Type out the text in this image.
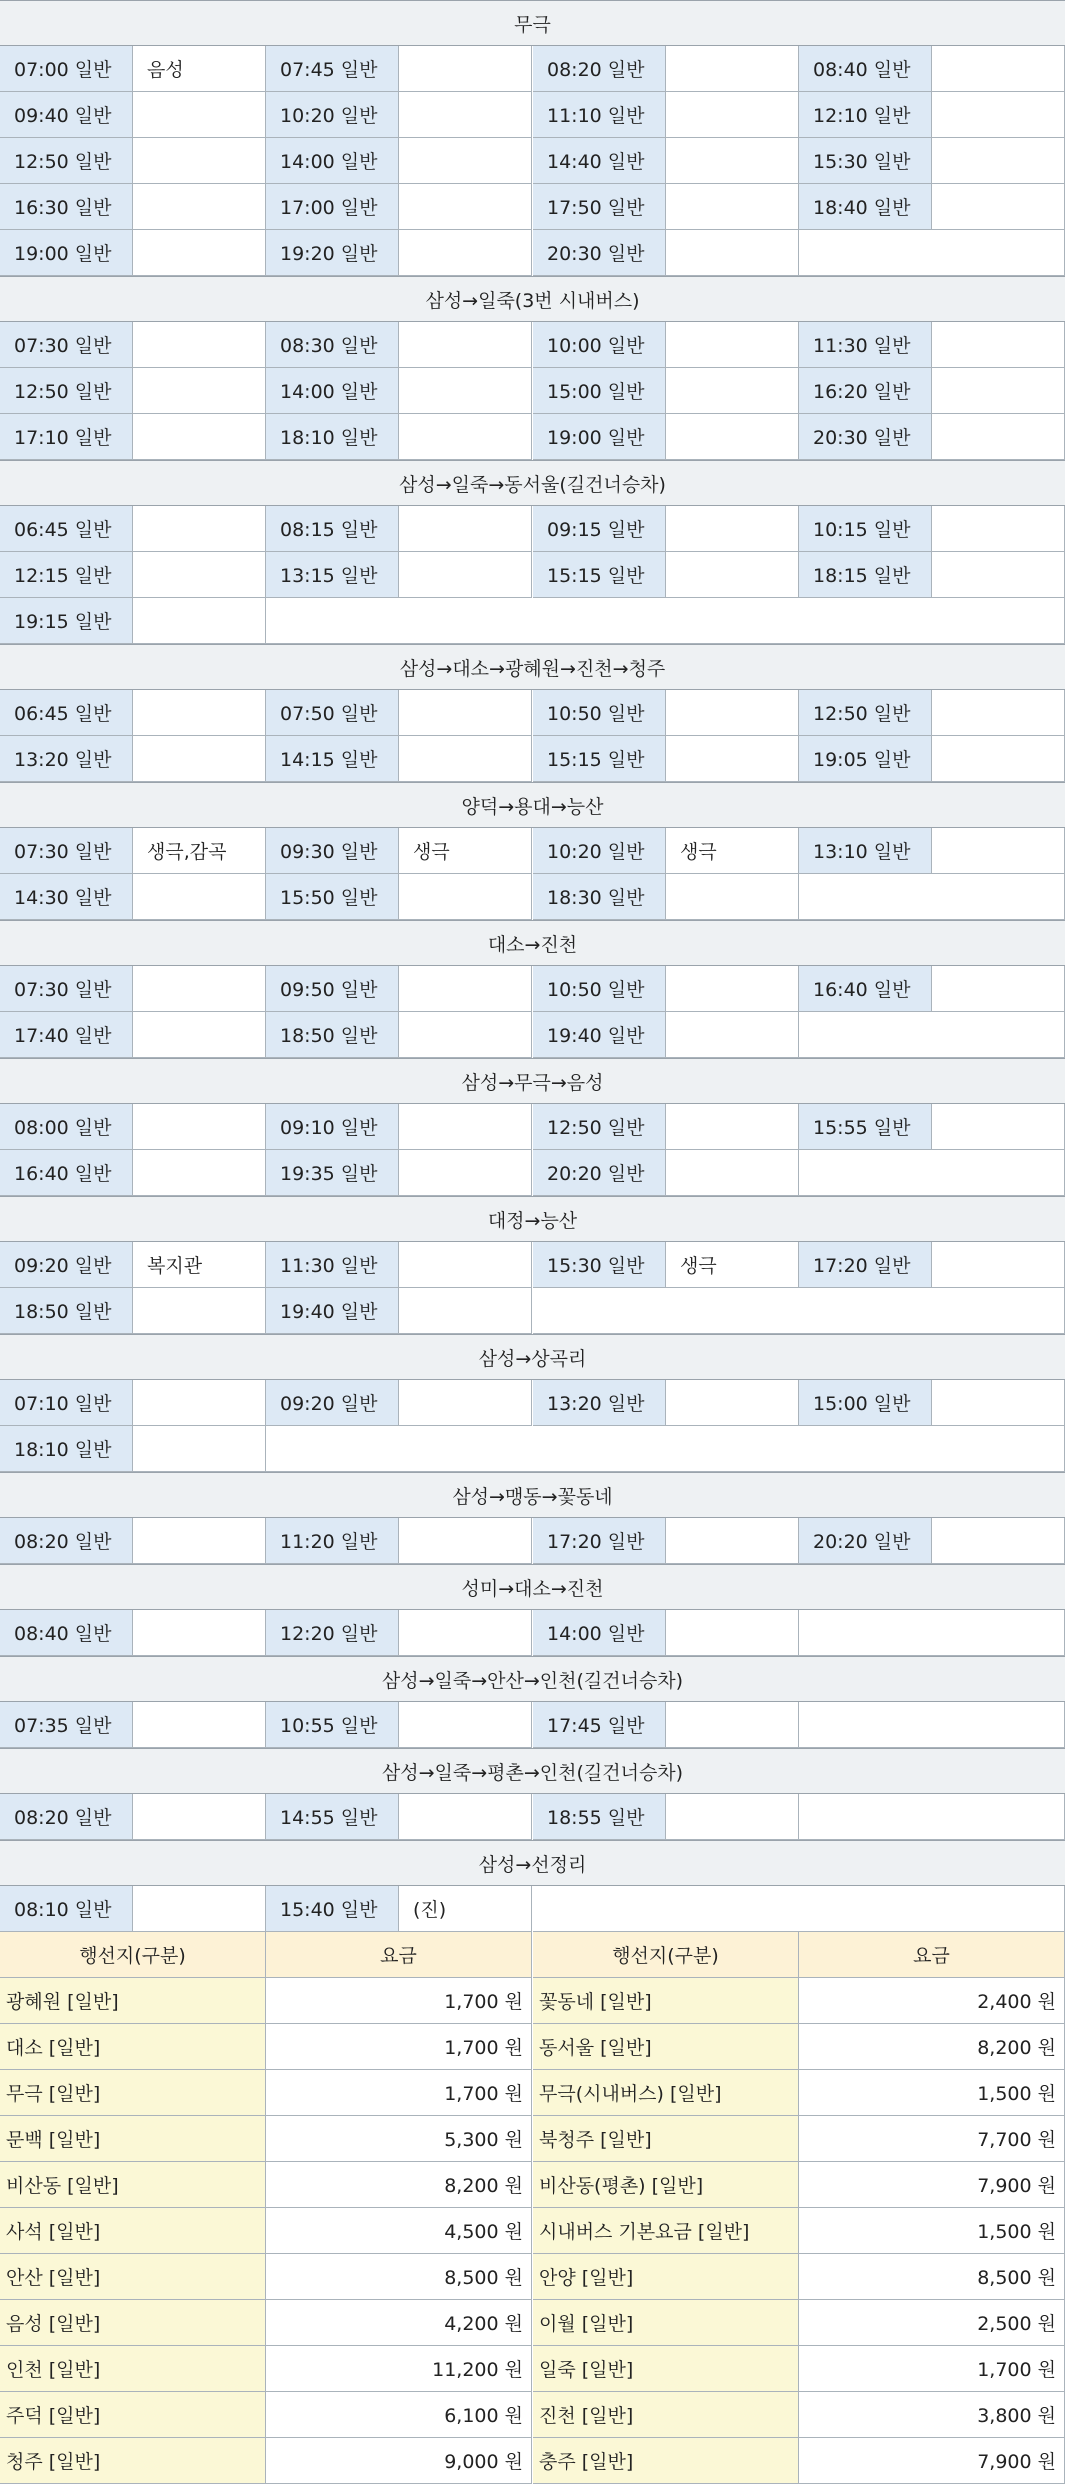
무극
07:00 일반	음성	07:45 일반	08:20 일반	08:40 일반
09:40 일반	10:20 일반	11:10 일반	12:10 일반
12:50 일반	14:00 일반	14:40 일반	15:30 일반
16:30 일반	17:00 일반	17:50 일반	18:40 일반
19:00 일반	19:20 일반	20:30 일반
삼성→일죽(3번 시내버스)
07:30 일반	08:30 일반	10:00 일반	11:30 일반
12:50 일반	14:00 일반	15:00 일반	16:20 일반
17:10 일반	18:10 일반	19:00 일반	20:30 일반
삼성→일죽→동서울(길건너승차)
06:45 일반	08:15 일반	09:15 일반	10:15 일반
12:15 일반	13:15 일반	15:15 일반	18:15 일반
19:15 일반
삼성→대소→광혜원→진천→청주
06:45 일반	07:50 일반	10:50 일반	12:50 일반
13:20 일반	14:15 일반	15:15 일반	19:05 일반
양덕→용대→능산
07:30 일반	생극,감곡	09:30 일반	생극	10:20 일반	생극	13:10 일반
14:30 일반	15:50 일반	18:30 일반
대소→진천
07:30 일반	09:50 일반	10:50 일반	16:40 일반
17:40 일반	18:50 일반	19:40 일반
삼성→무극→음성
08:00 일반	09:10 일반	12:50 일반	15:55 일반
16:40 일반	19:35 일반	20:20 일반
대정→능산
09:20 일반	복지관	11:30 일반	15:30 일반	생극	17:20 일반
18:50 일반	19:40 일반
삼성→상곡리
07:10 일반	09:20 일반	13:20 일반	15:00 일반
18:10 일반
삼성→맹동→꽃동네
08:20 일반	11:20 일반	17:20 일반	20:20 일반
성미→대소→진천
08:40 일반	12:20 일반	14:00 일반
삼성→일죽→안산→인천(길건너승차)
07:35 일반	10:55 일반	17:45 일반
삼성→일죽→평촌→인천(길건너승차)
08:20 일반	14:55 일반	18:55 일반
삼성→선정리
08:10 일반	15:40 일반	(진)
행선지(구분)	요금	행선지(구분)	요금
광혜원 [일반]	1,700 원 꽃동네 [일반]	2,400 원
대소 [일반]	1,700 원 동서울 [일반]	8,200 원
무극 [일반]	1,700 원 무극(시내버스) [일반]	1,500 원
문백 [일반]	5,300 원 북청주 [일반]	7,700 원
비산동 [일반]	8,200 원 비산동(평촌) [일반]	7,900 원
사석 [일반]	4,500 원 시내버스 기본요금 [일반]	1,500 원
안산 [일반]	8,500 원 안양 [일반]	8,500 원
음성 [일반]	4,200 원 이월 [일반]	2,500 원
인천 [일반]	11,200 원 일죽 [일반]	1,700 원
주덕 [일반]	6,100 원 진천 [일반]	3,800 원
청주 [일반]	9,000 원 충주 [일반]	7,900 원
